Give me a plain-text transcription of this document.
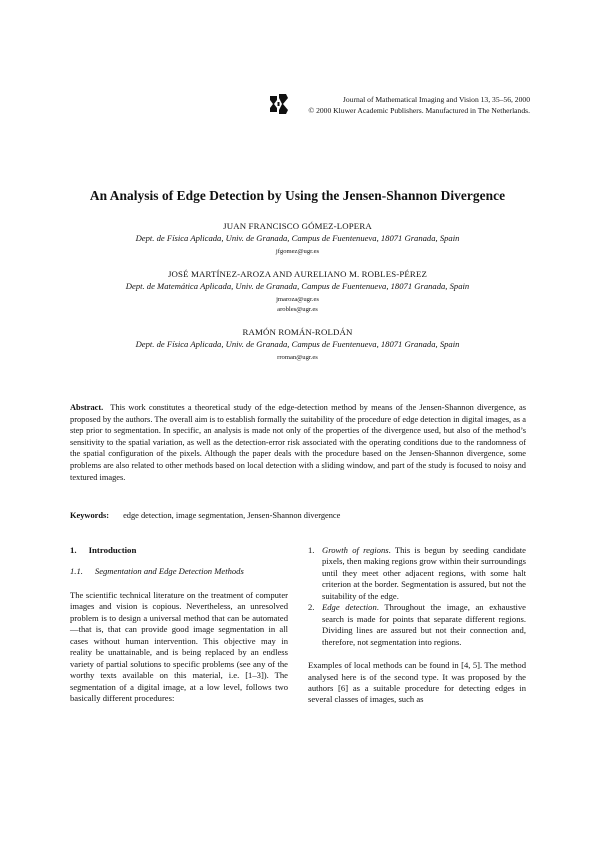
Journal of Mathematical Imaging and Vision 13, 35–56, 2000
© 2000 Kluwer Academic Publishers. Manufactured in The Netherlands.
An Analysis of Edge Detection by Using the Jensen-Shannon Divergence
JUAN FRANCISCO GÓMEZ-LOPERA
Dept. de Física Aplicada, Univ. de Granada, Campus de Fuentenueva, 18071 Granada, Spain
jfgomez@ugr.es
JOSÉ MARTÍNEZ-AROZA AND AURELIANO M. ROBLES-PÉREZ
Dept. de Matemática Aplicada, Univ. de Granada, Campus de Fuentenueva, 18071 Granada, Spain
jmaroza@ugr.es
arobles@ugr.es
RAMÓN ROMÁN-ROLDÁN
Dept. de Física Aplicada, Univ. de Granada, Campus de Fuentenueva, 18071 Granada, Spain
rroman@ugr.es
Abstract. This work constitutes a theoretical study of the edge-detection method by means of the Jensen-Shannon divergence, as proposed by the authors. The overall aim is to establish formally the suitability of the procedure of edge detection in digital images, as a step prior to segmentation. In specific, an analysis is made not only of the properties of the divergence used, but also of the method’s sensitivity to the spatial variation, as well as the detection-error risk associated with the operating conditions due to the randomness of the spatial configuration of the pixels. Although the paper deals with the procedure based on the Jensen-Shannon divergence, some problems are also related to other methods based on local detection with a sliding window, and part of the study is focused to noisy and textured images.
Keywords: edge detection, image segmentation, Jensen-Shannon divergence
1. Introduction
1.1. Segmentation and Edge Detection Methods

The scientific technical literature on the treatment of computer images and vision is copious. Nevertheless, an unresolved problem is to design a universal method that can be automated—that is, that can provide good image segmentation in all cases without human intervention. This objective may in reality be unattainable, and is being replaced by an endless variety of partial solutions to specific problems (see any of the worthy texts available on this material, i.e. [1–3]). The segmentation of a digital image, at a low level, follows two basically different procedures:

1. Growth of regions. This is begun by seeding candidate pixels, then making regions grow within their surroundings until they meet other adjacent regions, with some halt criterion at the border. Segmentation is assured, but not the suitability of the edge.
2. Edge detection. Throughout the image, an exhaustive search is made for points that separate different regions. Dividing lines are assured but not their connection and, therefore, not segmentation into regions.

Examples of local methods can be found in [4, 5]. The method analysed here is of the second type. It was proposed by the authors [6] as a suitable procedure for detecting edges in several classes of images, such as
